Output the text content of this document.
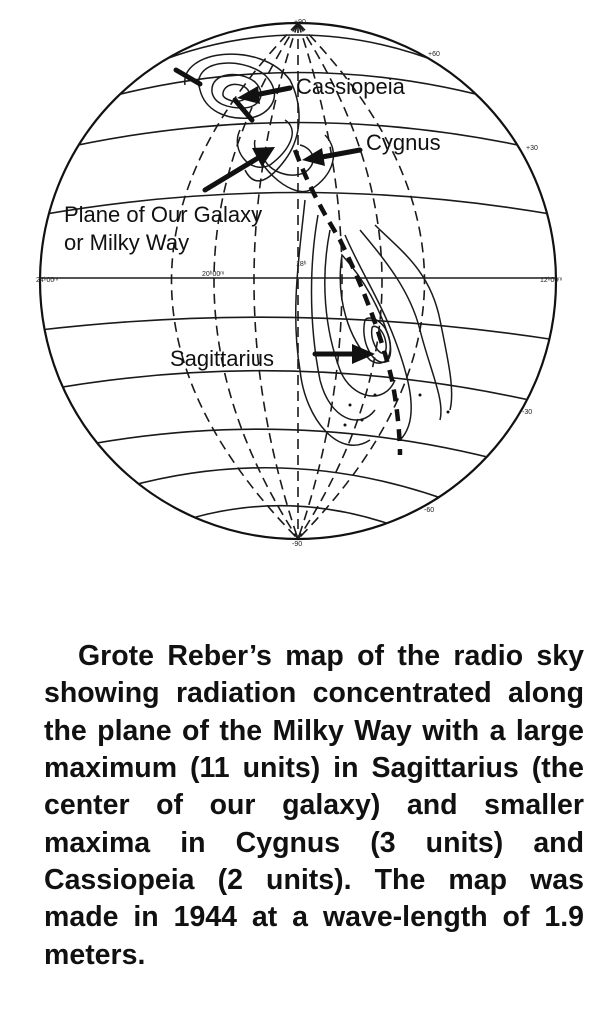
Cassiopeia
Cygnus
Plane of Our Galaxy
or Milky Way
Sagittarius
+90
-90
+60
+30
-30
-60
24ʰ00ᵐ
20ʰ00ᵐ
18ʰ
12ʰ00ᵐ

Grote Reber’s map of the radio sky showing radiation concentrated along the plane of the Milky Way with a large maximum (11 units) in Sagittarius (the center of our galaxy) and smaller maxima in Cygnus (3 units) and Cassiopeia (2 units). The map was made in 1944 at a wave-length of 1.9 meters.
